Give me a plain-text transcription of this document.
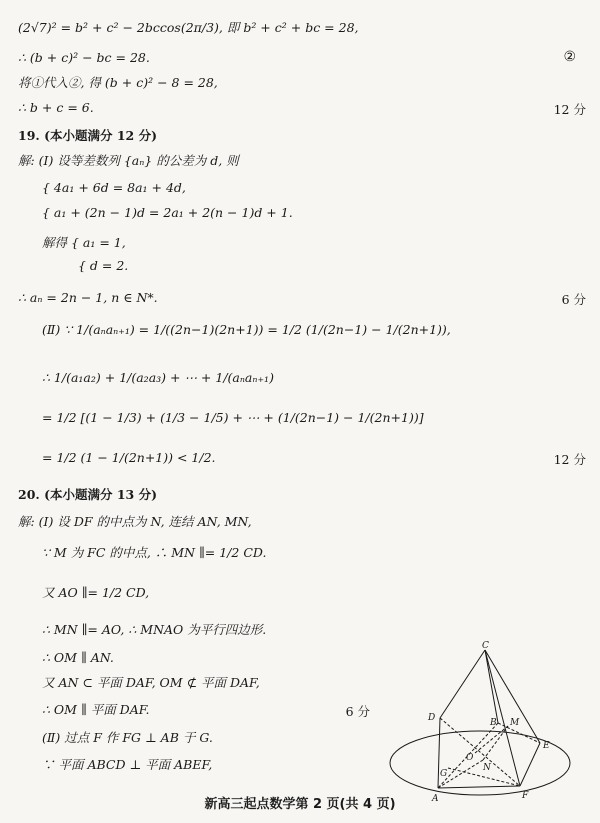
(2√7)² = b² + c² − 2bccos(2π/3), 即 b² + c² + bc = 28,
∴ (b + c)² − bc = 28.	②
将①代入②, 得 (b + c)² − 8 = 28,
∴ b + c = 6.	12 分
19. (本小题满分 12 分)
解: (Ⅰ) 设等差数列 {aₙ} 的公差为 d, 则
{ 4a₁ + 6d = 8a₁ + 4d,
{ a₁ + (2n − 1)d = 2a₁ + 2(n − 1)d + 1.
解得 { a₁ = 1,
{ d = 2.
∴ aₙ = 2n − 1, n ∈ N*.	6 分
(Ⅱ) ∵ 1/(aₙaₙ₊₁) = 1/((2n−1)(2n+1)) = 1/2 (1/(2n−1) − 1/(2n+1)),
∴ 1/(a₁a₂) + 1/(a₂a₃) + ⋯ + 1/(aₙaₙ₊₁)
= 1/2 [(1 − 1/3) + (1/3 − 1/5) + ⋯ + (1/(2n−1) − 1/(2n+1))]
= 1/2 (1 − 1/(2n+1)) < 1/2.	12 分
20. (本小题满分 13 分)
解: (Ⅰ) 设 DF 的中点为 N, 连结 AN, MN,
∵ M 为 FC 的中点, ∴ MN ∥= 1/2 CD.
又 AO ∥= 1/2 CD,
∴ MN ∥= AO, ∴ MNAO 为平行四边形.
∴ OM ∥ AN.
又 AN ⊂ 平面 DAF, OM ⊄ 平面 DAF,
∴ OM ∥ 平面 DAF.	6 分
(Ⅱ) 过点 F 作 FG ⊥ AB 于 G.
∵ 平面 ABCD ⊥ 平面 ABEF,
C
D	B M
E
O
N
G
A	F
新高三起点数学第 2 页(共 4 页)
